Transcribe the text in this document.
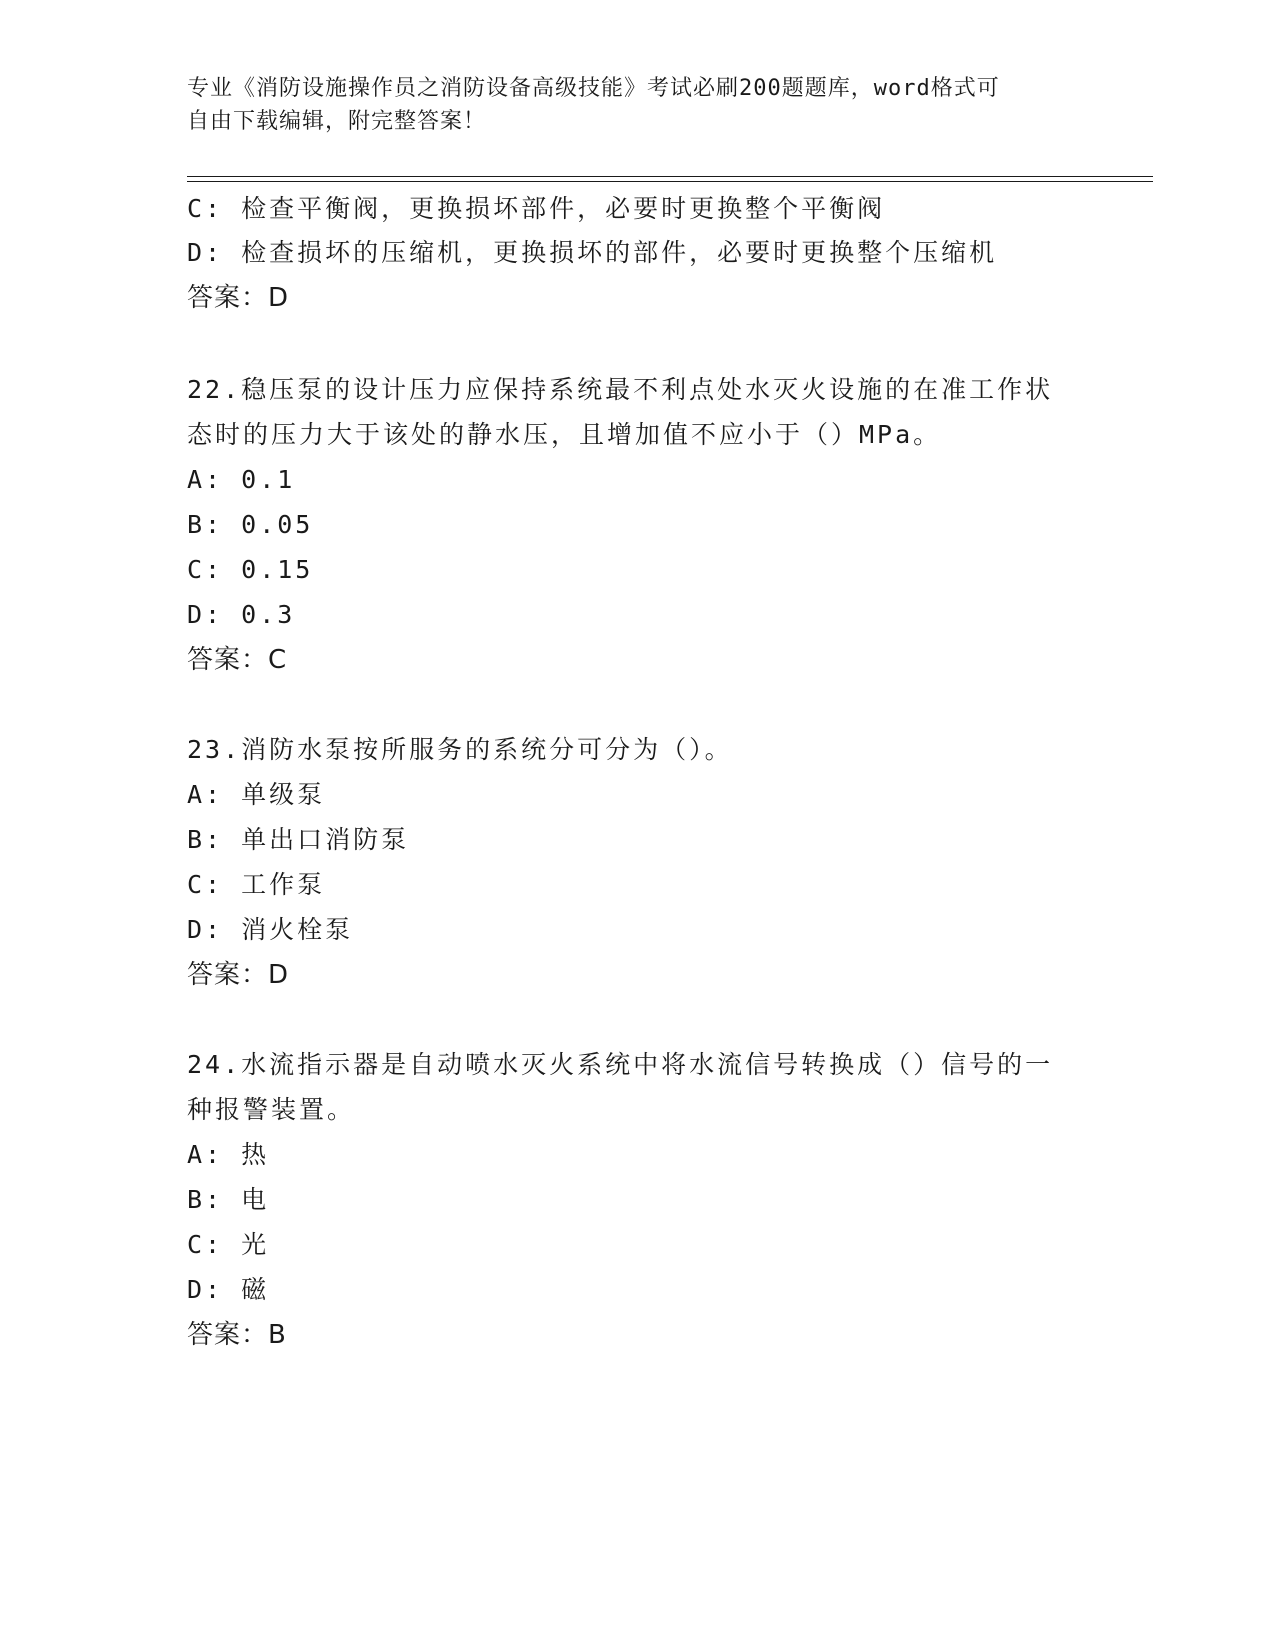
专业《消防设施操作员之消防设备高级技能》考试必刷200题题库，word格式可
自由下载编辑，附完整答案！
C: 检查平衡阀，更换损坏部件，必要时更换整个平衡阀
D: 检查损坏的压缩机，更换损坏的部件，必要时更换整个压缩机
答案：D
22.稳压泵的设计压力应保持系统最不利点处水灭火设施的在准工作状
态时的压力大于该处的静水压，且增加值不应小于（）MPa。
A: 0.1
B: 0.05
C: 0.15
D: 0.3
答案：C
23.消防水泵按所服务的系统分可分为（）。
A: 单级泵
B: 单出口消防泵
C: 工作泵
D: 消火栓泵
答案：D
24.水流指示器是自动喷水灭火系统中将水流信号转换成（）信号的一
种报警装置。
A: 热
B: 电
C: 光
D: 磁
答案：B
